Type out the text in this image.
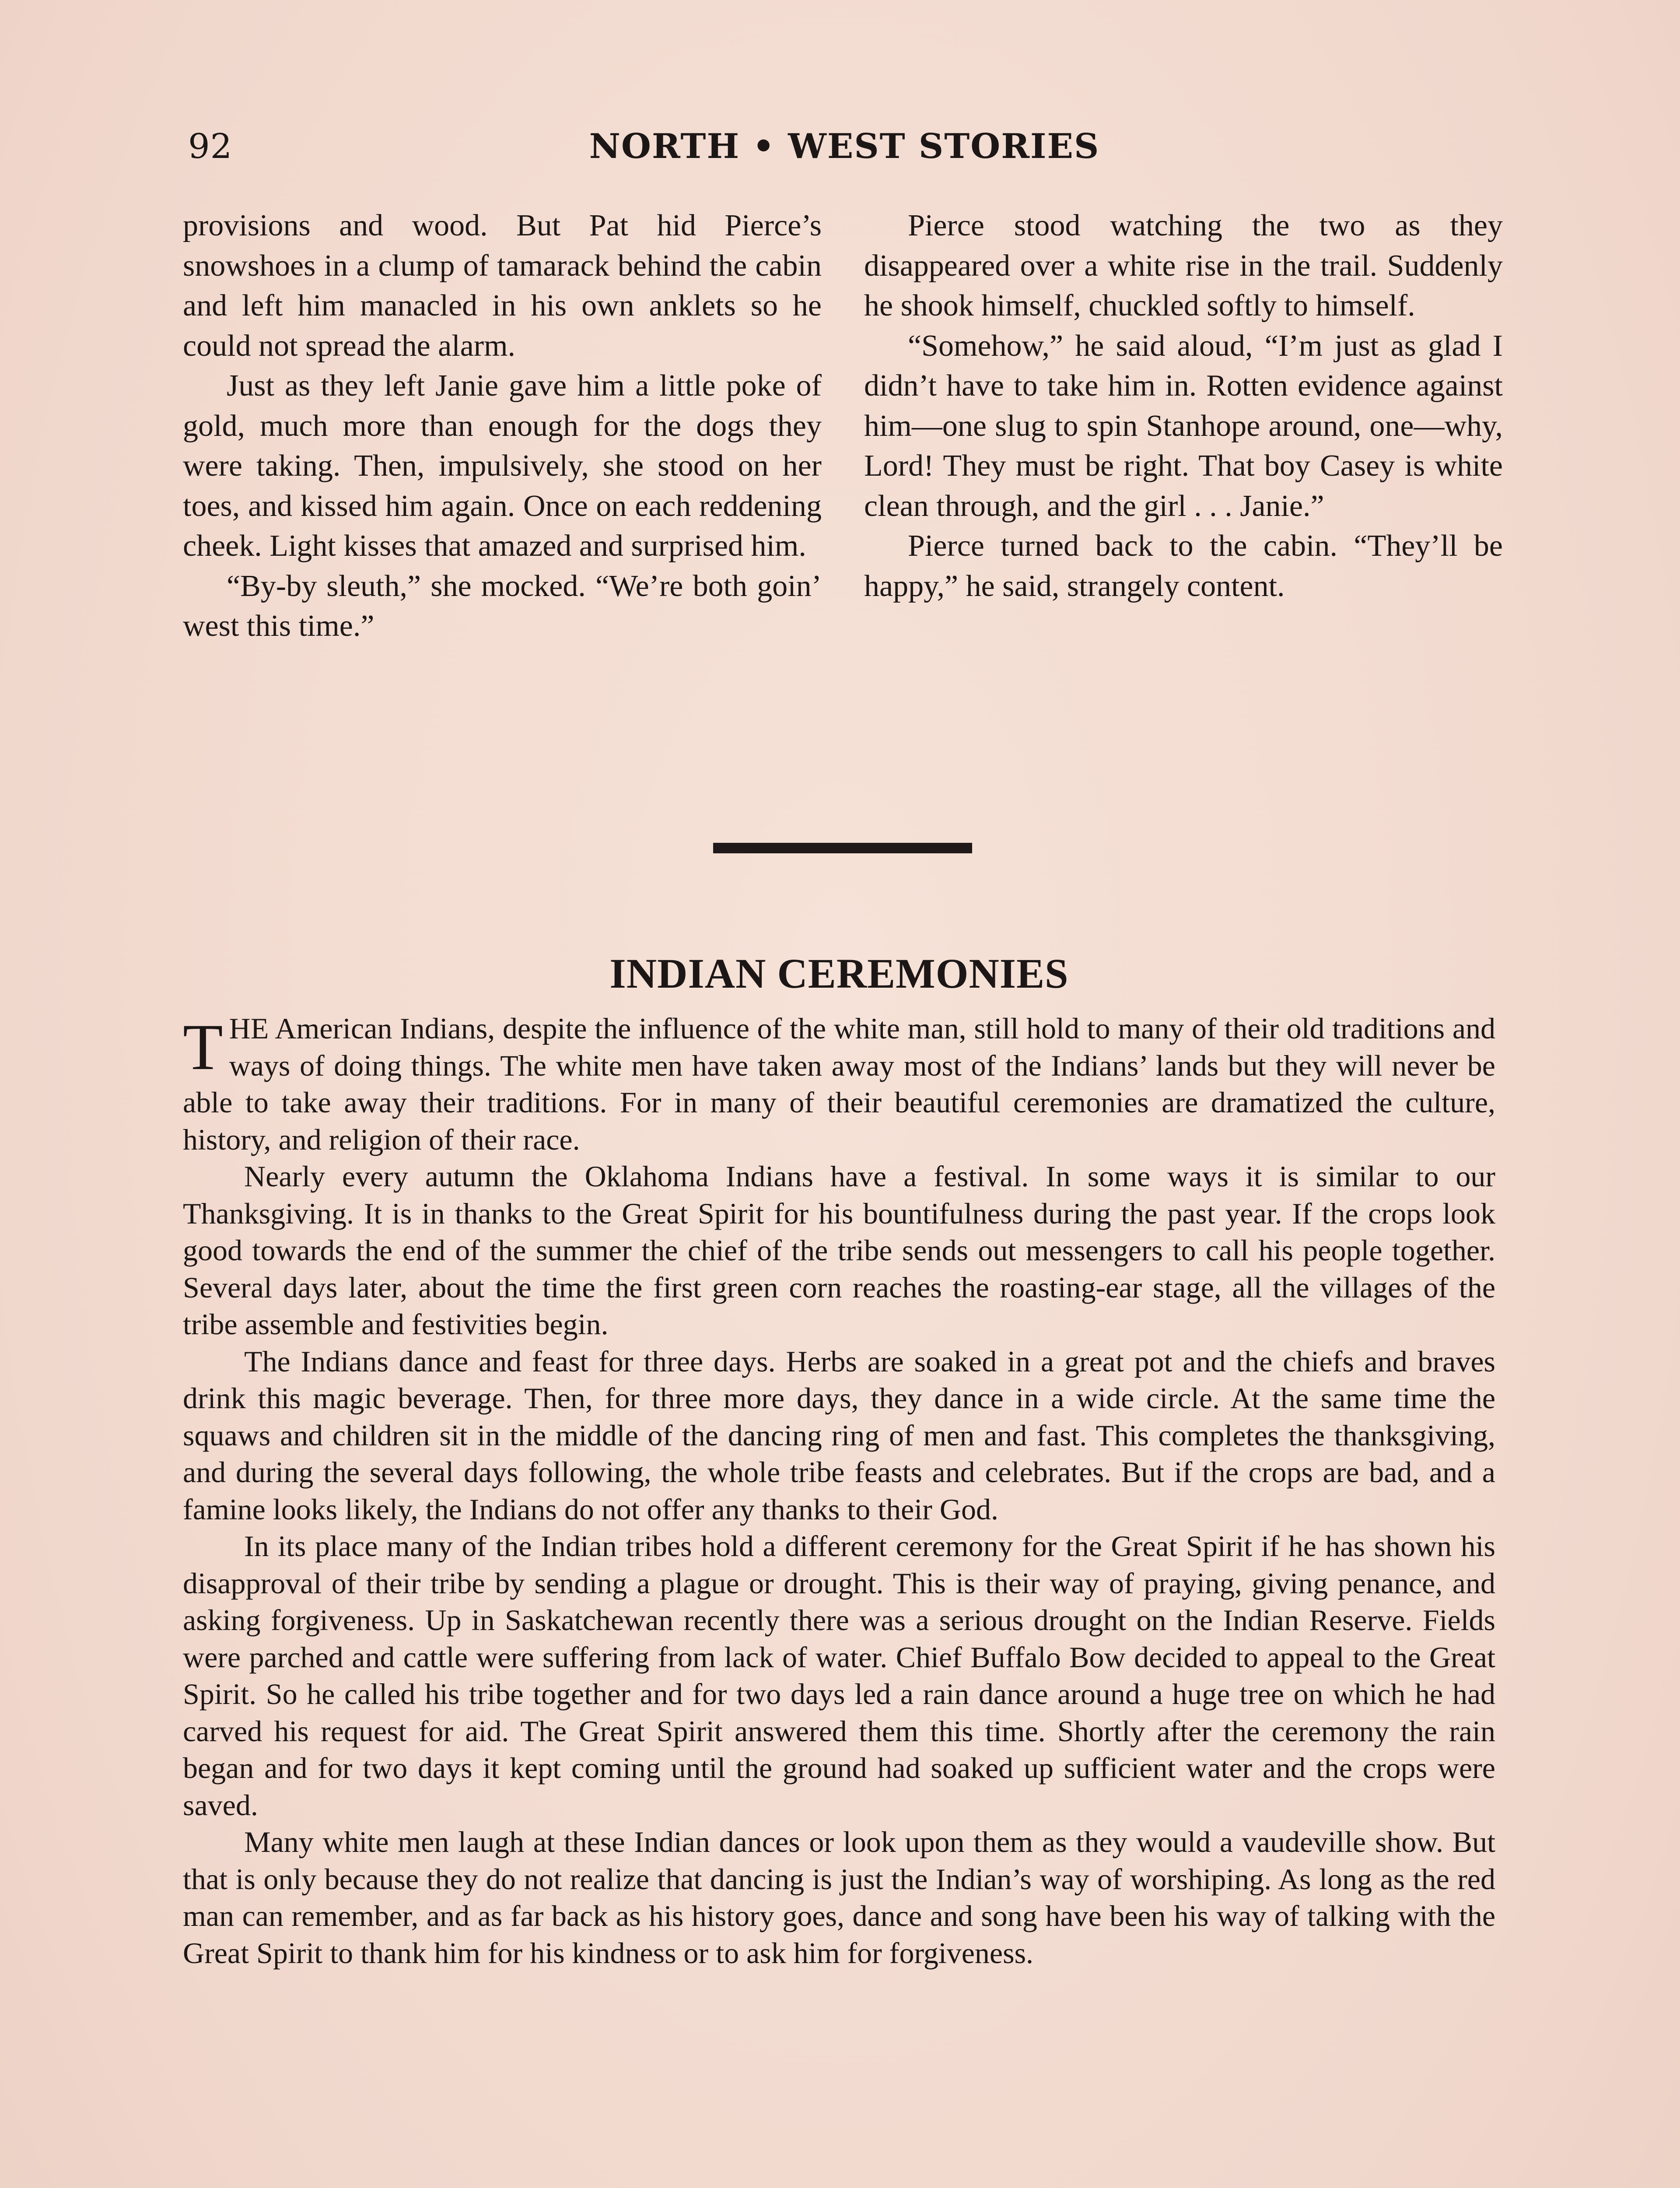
92	NORTH • WEST STORIES

provisions and wood. But Pat hid Pierce’s snowshoes in a clump of tamarack behind the cabin and left him manacled in his own anklets so he could not spread the alarm.

Just as they left Janie gave him a little poke of gold, much more than enough for the dogs they were taking. Then, impulsively, she stood on her toes, and kissed him again. Once on each reddening cheek. Light kisses that amazed and surprised him.

“By-by sleuth,” she mocked. “We’re both goin’ west this time.”

Pierce stood watching the two as they disappeared over a white rise in the trail. Suddenly he shook himself, chuckled softly to himself.

“Somehow,” he said aloud, “I’m just as glad I didn’t have to take him in. Rotten evidence against him—one slug to spin Stanhope around, one—why, Lord! They must be right. That boy Casey is white clean through, and the girl . . . Janie.”

Pierce turned back to the cabin. “They’ll be happy,” he said, strangely content.

INDIAN CEREMONIES

THE American Indians, despite the influence of the white man, still hold to many of their old traditions and ways of doing things. The white men have taken away most of the Indians’ lands but they will never be able to take away their traditions. For in many of their beautiful ceremonies are dramatized the culture, history, and religion of their race.

Nearly every autumn the Oklahoma Indians have a festival. In some ways it is similar to our Thanksgiving. It is in thanks to the Great Spirit for his bountifulness during the past year. If the crops look good towards the end of the summer the chief of the tribe sends out messengers to call his people together. Several days later, about the time the first green corn reaches the roasting-ear stage, all the villages of the tribe assemble and festivities begin.

The Indians dance and feast for three days. Herbs are soaked in a great pot and the chiefs and braves drink this magic beverage. Then, for three more days, they dance in a wide circle. At the same time the squaws and children sit in the middle of the dancing ring of men and fast. This completes the thanksgiving, and during the several days following, the whole tribe feasts and celebrates. But if the crops are bad, and a famine looks likely, the Indians do not offer any thanks to their God.

In its place many of the Indian tribes hold a different ceremony for the Great Spirit if he has shown his disapproval of their tribe by sending a plague or drought. This is their way of praying, giving penance, and asking forgiveness. Up in Saskatchewan recently there was a serious drought on the Indian Reserve. Fields were parched and cattle were suffering from lack of water. Chief Buffalo Bow decided to appeal to the Great Spirit. So he called his tribe together and for two days led a rain dance around a huge tree on which he had carved his request for aid. The Great Spirit answered them this time. Shortly after the ceremony the rain began and for two days it kept coming until the ground had soaked up sufficient water and the crops were saved.

Many white men laugh at these Indian dances or look upon them as they would a vaudeville show. But that is only because they do not realize that dancing is just the Indian’s way of worshiping. As long as the red man can remember, and as far back as his history goes, dance and song have been his way of talking with the Great Spirit to thank him for his kindness or to ask him for forgiveness.
